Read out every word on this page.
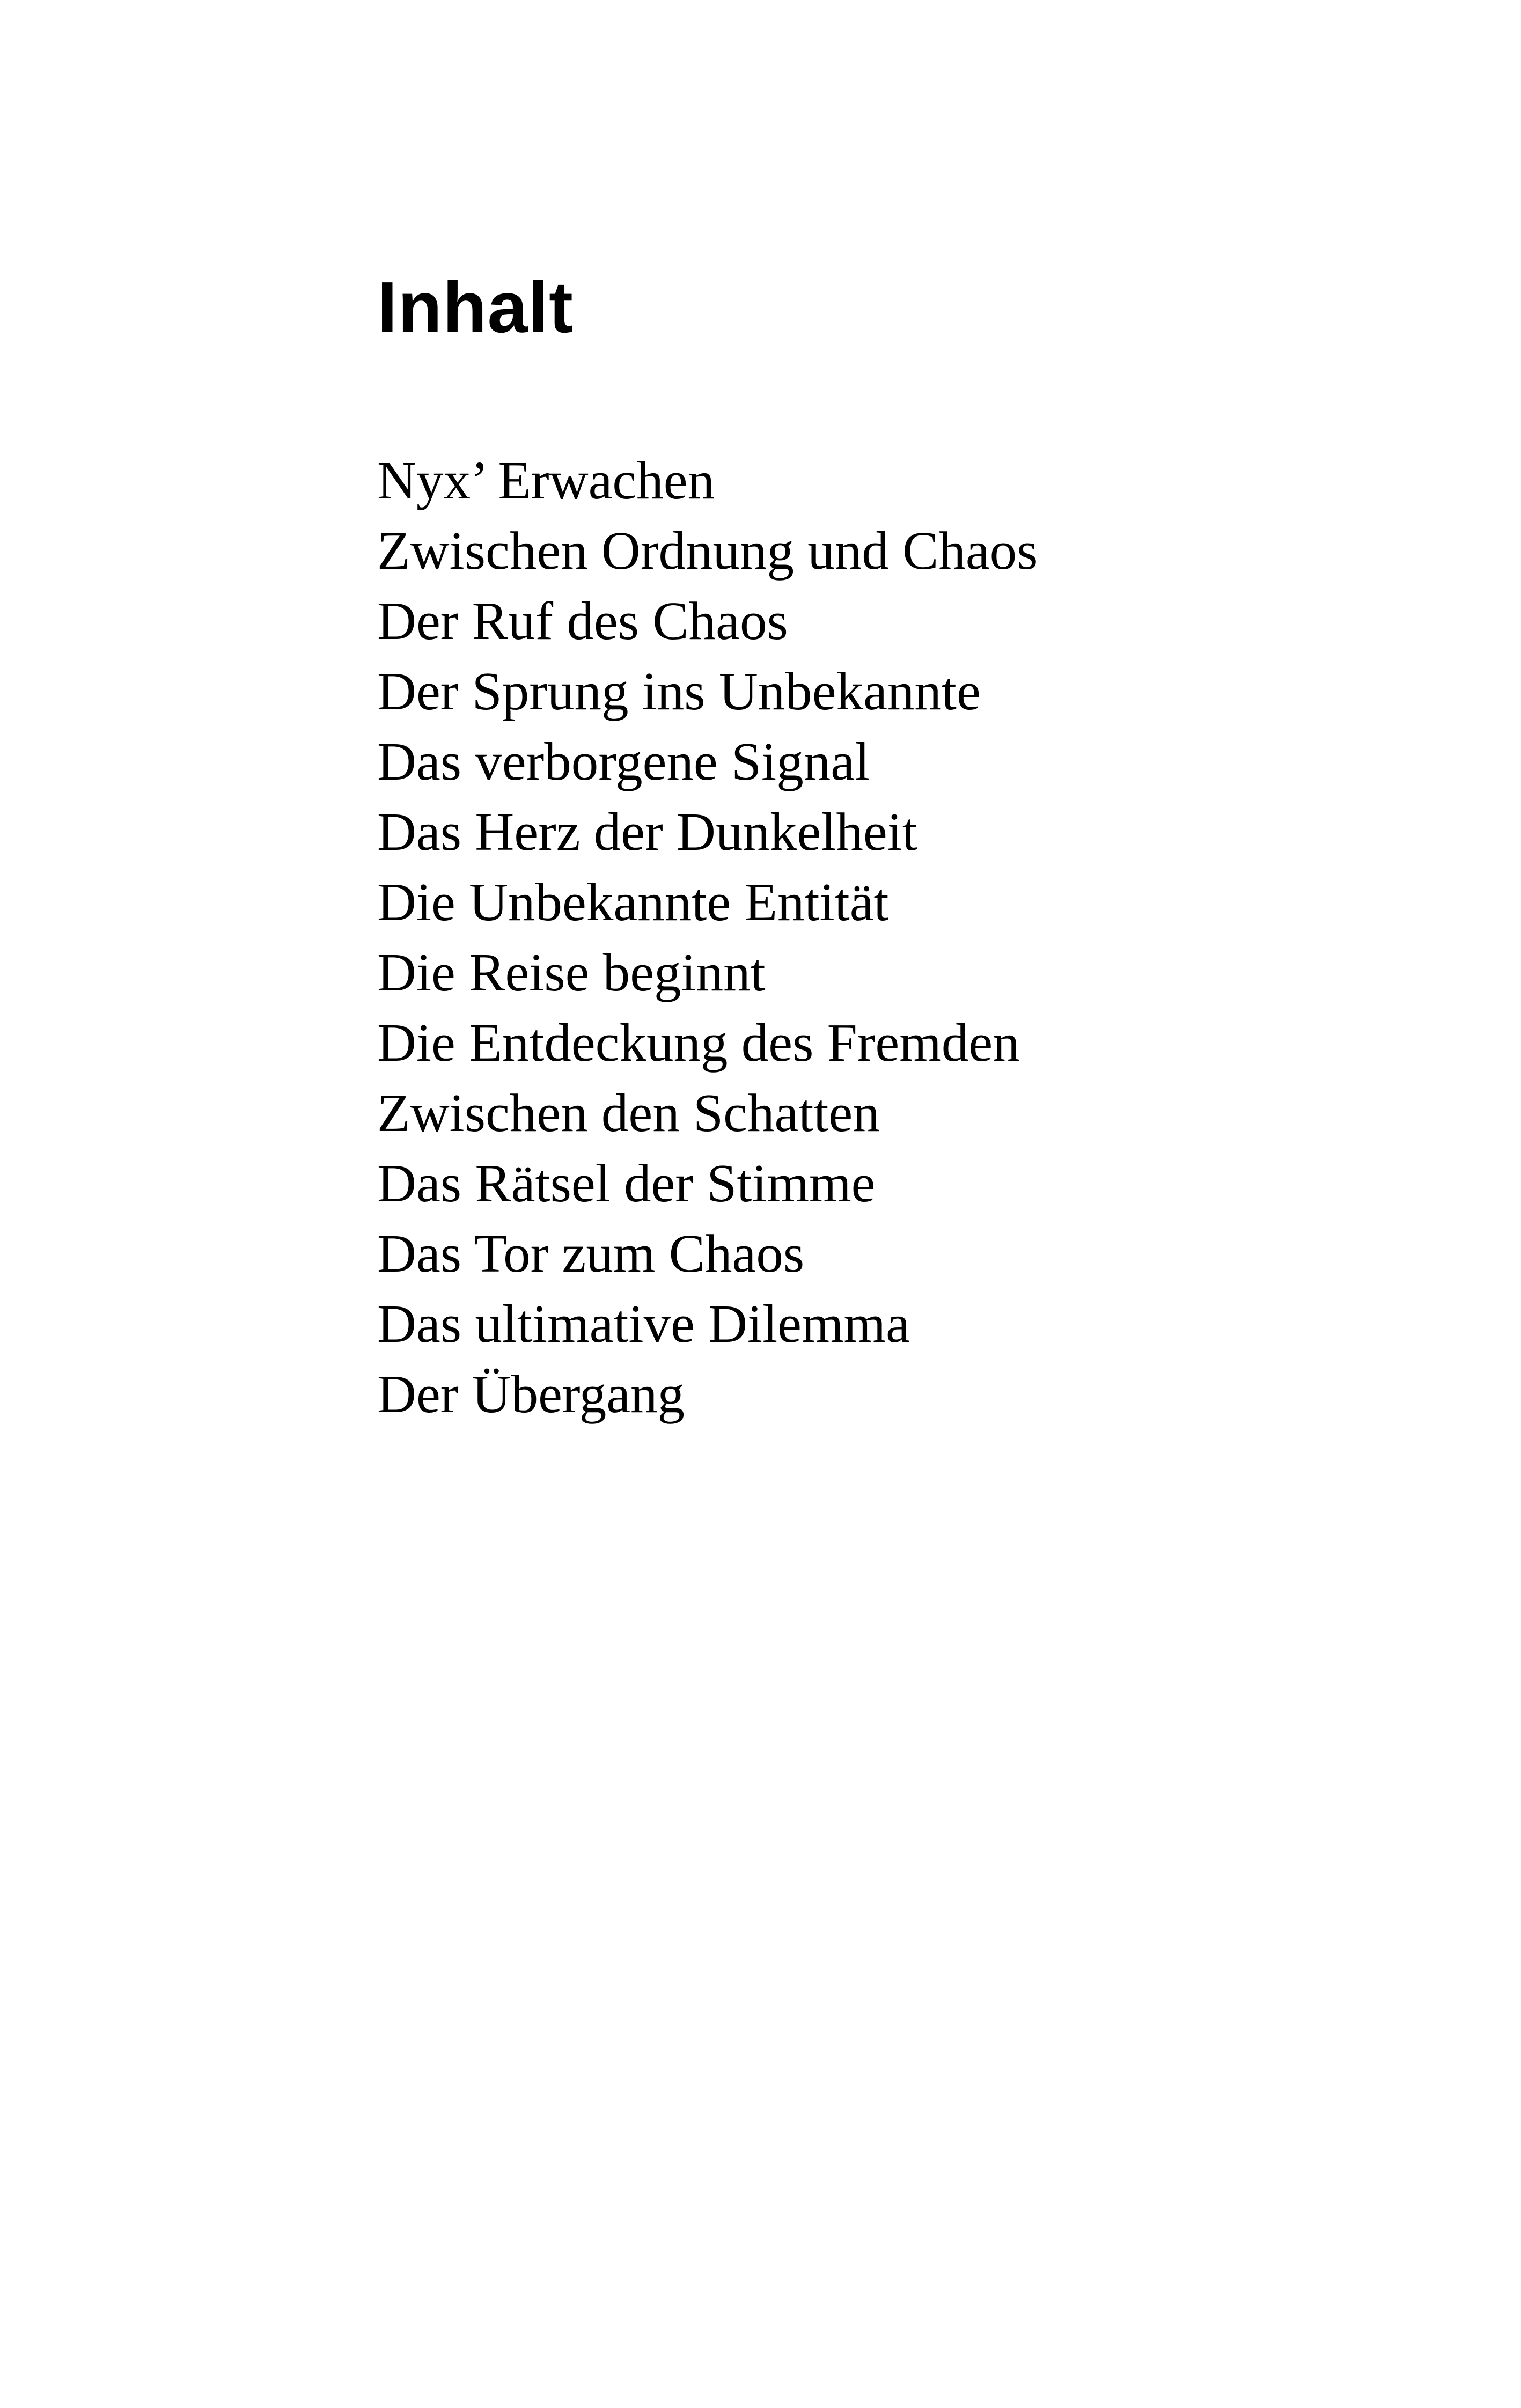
Inhalt
Nyx’ Erwachen
Zwischen Ordnung und Chaos
Der Ruf des Chaos
Der Sprung ins Unbekannte
Das verborgene Signal
Das Herz der Dunkelheit
Die Unbekannte Entität
Die Reise beginnt
Die Entdeckung des Fremden
Zwischen den Schatten
Das Rätsel der Stimme
Das Tor zum Chaos
Das ultimative Dilemma
Der Übergang
